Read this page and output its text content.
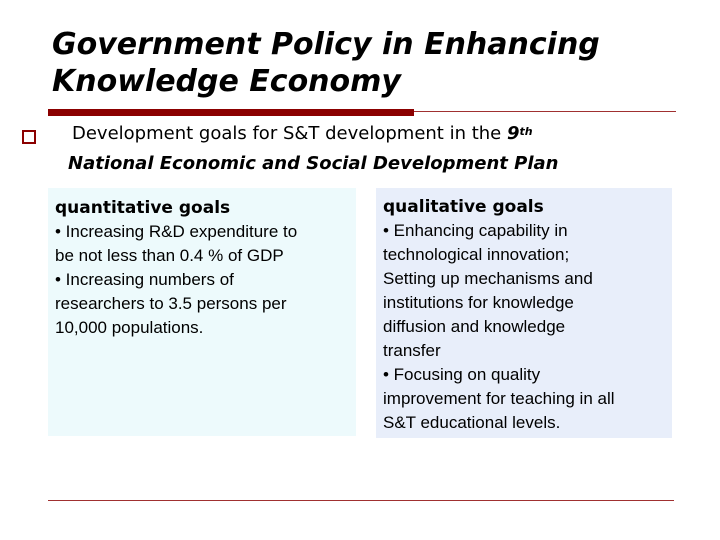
Government Policy in Enhancing
Knowledge Economy
Development goals for S&T development in the 9th
National Economic and Social Development Plan
quantitative goals
• Increasing R&D expenditure to
be not less than 0.4 % of GDP
• Increasing numbers of
researchers to 3.5 persons per
10,000 populations.
qualitative goals
• Enhancing capability in
technological innovation;
Setting up mechanisms and
institutions for knowledge
diffusion and knowledge
transfer
• Focusing on quality
improvement for teaching in all
S&T educational levels.
